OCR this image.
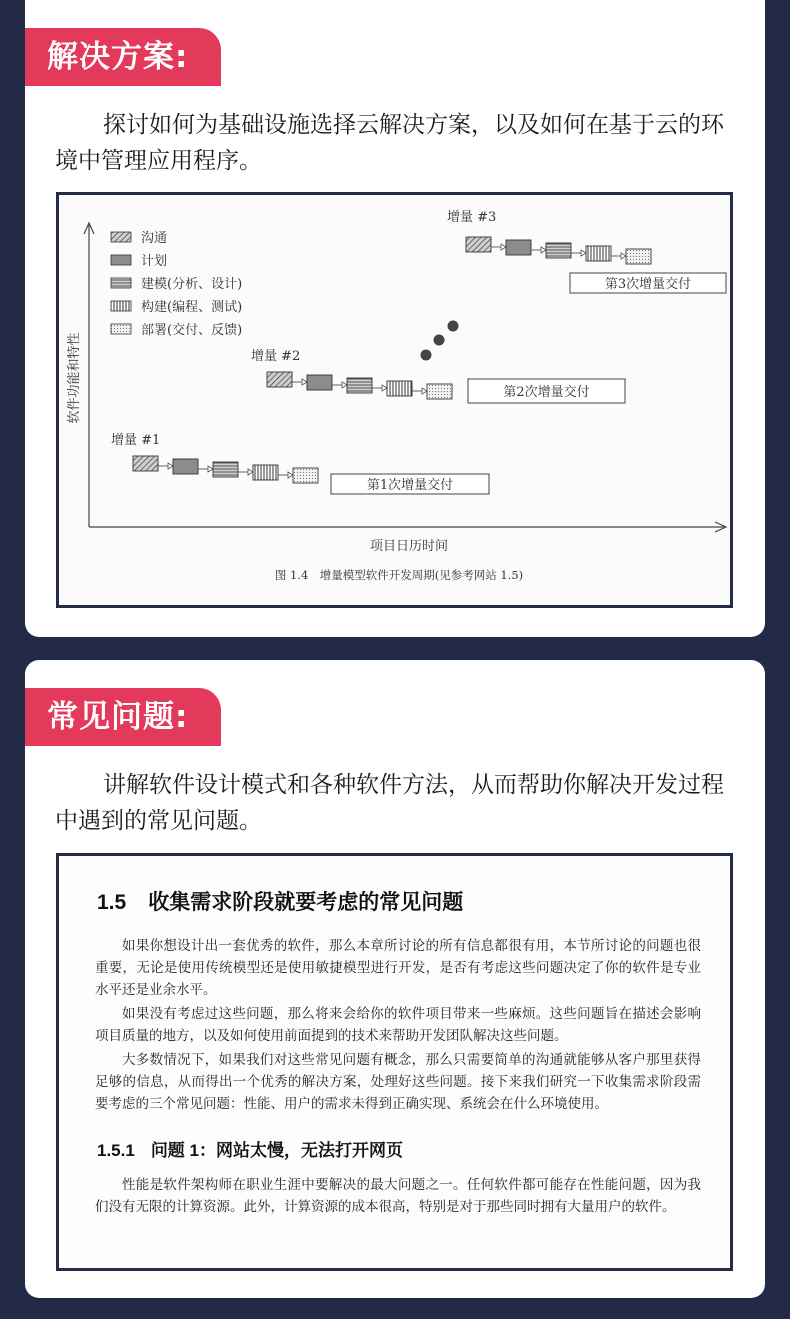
解决方案:

探讨如何为基础设施选择云解决方案，以及如何在基于云的环境中管理应用程序。

软件功能和特性
项目日历时间
图 1.4　增量模型软件开发周期(见参考网站 1.5)
沟通
计划
建模(分析、设计)
构建(编程、测试)
部署(交付、反馈)
增量 #1
第1次增量交付
增量 #2
第2次增量交付
增量 #3
第3次增量交付
常见问题:

讲解软件设计模式和各种软件方法，从而帮助你解决开发过程中遇到的常见问题。

1.5 收集需求阶段就要考虑的常见问题

如果你想设计出一套优秀的软件，那么本章所讨论的所有信息都很有用，本节所讨论的问题也很重要，无论是使用传统模型还是使用敏捷模型进行开发，是否有考虑这些问题决定了你的软件是专业水平还是业余水平。

如果没有考虑过这些问题，那么将来会给你的软件项目带来一些麻烦。这些问题旨在描述会影响项目质量的地方，以及如何使用前面提到的技术来帮助开发团队解决这些问题。

大多数情况下，如果我们对这些常见问题有概念，那么只需要简单的沟通就能够从客户那里获得足够的信息，从而得出一个优秀的解决方案，处理好这些问题。接下来我们研究一下收集需求阶段需要考虑的三个常见问题：性能、用户的需求未得到正确实现、系统会在什么环境使用。

1.5.1 问题 1：网站太慢，无法打开网页

性能是软件架构师在职业生涯中要解决的最大问题之一。任何软件都可能存在性能问题，因为我们没有无限的计算资源。此外，计算资源的成本很高，特别是对于那些同时拥有大量用户的软件。
